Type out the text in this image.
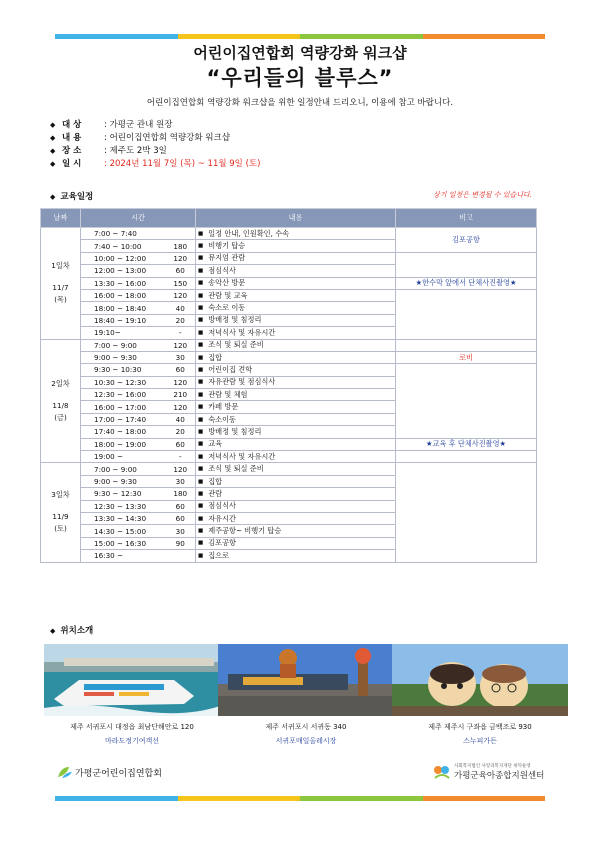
어린이집연합회 역량강화 워크샵
“우리들의 블루스”
어린이집연합회 역량강화 워크샵을 위한 일정안내 드리오니, 이용에 참고 바랍니다.
◆ 대 상	: 가평군 관내 원장
◆ 내 용	: 어린이집연합회 역량강화 워크샵
◆ 장 소	: 제주도 2박 3일
◆ 일 시	: 2024년 11월 7일 (목) ~ 11월 9일 (토)
◆ 교육일정	상기 일정은 변경될 수 있습니다.
날짜	시간		내용	비고

1일차
11/7
(목)	7:00 ~ 7:40		■ 일정 안내, 인원확인, 수속	김포공항
	7:40 ~ 10:00	180	■ 비행기 탑승
	10:00 ~ 12:00	120	■ 뮤지엄 관람	
	12:00 ~ 13:00	60	■ 점심식사
	13:30 ~ 16:00	150	■ 송악산 방문	★한수막 앞에서 단체사진촬영★
	16:00 ~ 18:00	120	■ 관람 및 교육	
	18:00 ~ 18:40	40	■ 숙소로 이동
	18:40 ~ 19:10	20	■ 방배정 및 침정리
	19:10~	-	■ 저녁식사 및 자유시간

2일차
11/8
(금)	7:00 ~ 9:00	120	■ 조식 및 퇴실 준비	
	9:00 ~ 9:30	30	■ 집합	로비
	9:30 ~ 10:30	60	■ 어린이집 견학	
	10:30 ~ 12:30	120	■ 자유관람 및 점심식사
	12:30 ~ 16:00	210	■ 관람 및 체험
	16:00 ~ 17:00	120	■ 카페 방문
	17:00 ~ 17:40	40	■ 숙소이동
	17:40 ~ 18:00	20	■ 방배정 및 침정리
	18:00 ~ 19:00	60	■ 교육	★교육 후 단체사진촬영★
	19:00 ~	-	■ 저녁식사 및 자유시간	

3일차
11/9
(토)	7:00 ~ 9:00	120	■ 조식 및 퇴실 준비	
	9:00 ~ 9:30	30	■ 집합
	9:30 ~ 12:30	180	■ 관람
	12:30 ~ 13:30	60	■ 점심식사
	13:30 ~ 14:30	60	■ 자유시간
	14:30 ~ 15:00	30	■ 제주공항~ 비행기 탑승
	15:00 ~ 16:30	90	■ 김포공항
	16:30 ~		■ 집으로
◆ 위치소개
제주 서귀포시 대정읍 최남단해안로 120
마라도정기여객선
제주 서귀포시 서귀동 340
서귀포매일올레시장
제주 제주시 구좌읍 금백조로 930
스누피가든
가평군어린이집연합회
사회복지법인 사랑과복지재단 위탁운영
가평군육아종합지원센터
